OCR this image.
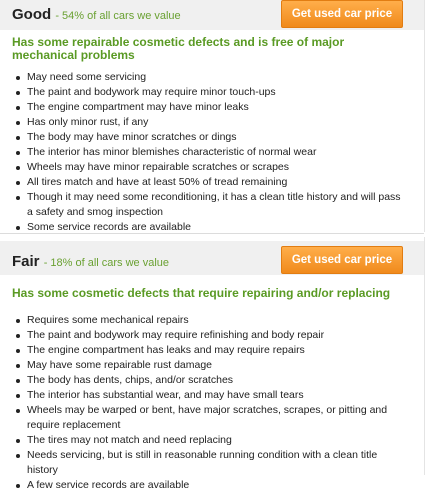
Good - 54% of all cars we value	Get used car price
Has some repairable cosmetic defects and is free of major mechanical problems
May need some servicing
The paint and bodywork may require minor touch-ups
The engine compartment may have minor leaks
Has only minor rust, if any
The body may have minor scratches or dings
The interior has minor blemishes characteristic of normal wear
Wheels may have minor repairable scratches or scrapes
All tires match and have at least 50% of tread remaining
Though it may need some reconditioning, it has a clean title history and will pass a safety and smog inspection
Some service records are available
Fair - 18% of all cars we value	Get used car price
Has some cosmetic defects that require repairing and/or replacing
Requires some mechanical repairs
The paint and bodywork may require refinishing and body repair
The engine compartment has leaks and may require repairs
May have some repairable rust damage
The body has dents, chips, and/or scratches
The interior has substantial wear, and may have small tears
Wheels may be warped or bent, have major scratches, scrapes, or pitting and require replacement
The tires may not match and need replacing
Needs servicing, but is still in reasonable running condition with a clean title history
A few service records are available
